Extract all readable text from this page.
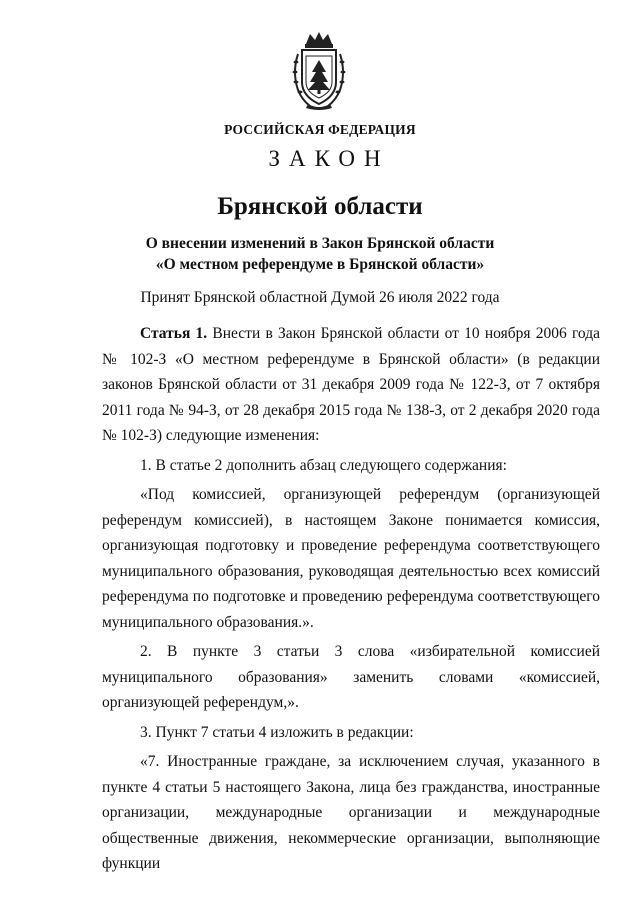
РОССИЙСКАЯ ФЕДЕРАЦИЯ
ЗАКОН
Брянской области
О внесении изменений в Закон Брянской области
«О местном референдуме в Брянской области»
Принят Брянской областной Думой 26 июля 2022 года

Статья 1. Внести в Закон Брянской области от 10 ноября 2006 года № 102-З «О местном референдуме в Брянской области» (в редакции законов Брянской области от 31 декабря 2009 года № 122-З, от 7 октября 2011 года № 94-З, от 28 декабря 2015 года № 138-З, от 2 декабря 2020 года № 102-З) следующие изменения:

1. В статье 2 дополнить абзац следующего содержания:

«Под комиссией, организующей референдум (организующей референдум комиссией), в настоящем Законе понимается комиссия, организующая подготовку и проведение референдума соответствующего муниципального образования, руководящая деятельностью всех комиссий референдума по подготовке и проведению референдума соответствующего муниципального образования.».

2. В пункте 3 статьи 3 слова «избирательной комиссией муниципального образования» заменить словами «комиссией, организующей референдум,».

3. Пункт 7 статьи 4 изложить в редакции:

«7. Иностранные граждане, за исключением случая, указанного в пункте 4 статьи 5 настоящего Закона, лица без гражданства, иностранные организации, международные организации и международные общественные движения, некоммерческие организации, выполняющие функции
